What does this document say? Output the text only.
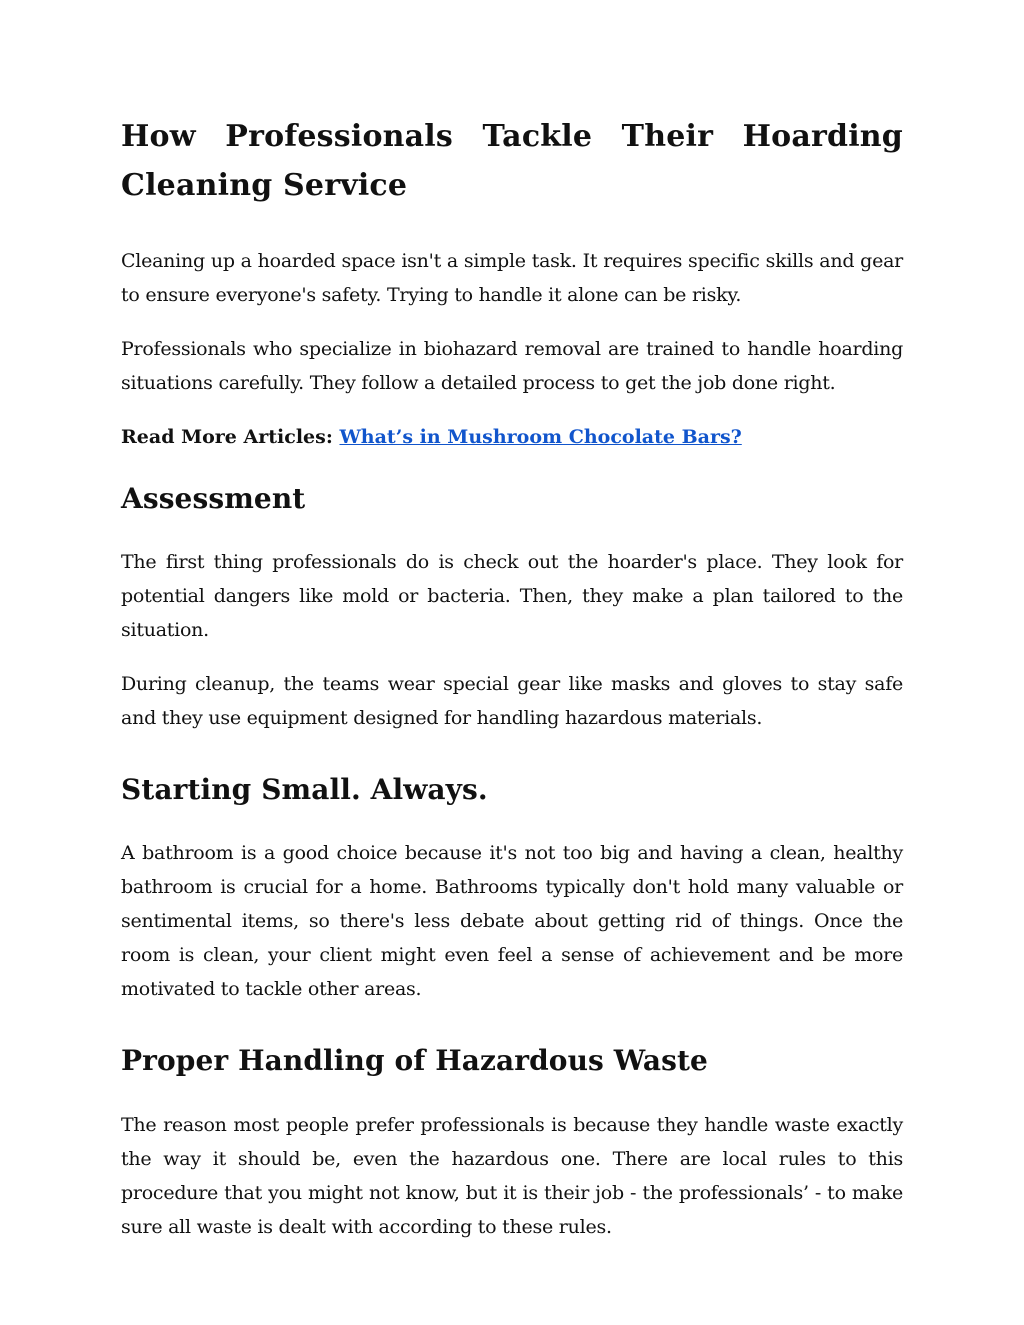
How Professionals Tackle Their Hoarding Cleaning Service

Cleaning up a hoarded space isn't a simple task. It requires specific skills and gear to ensure everyone's safety. Trying to handle it alone can be risky.

Professionals who specialize in biohazard removal are trained to handle hoarding situations carefully. They follow a detailed process to get the job done right.

Read More Articles: What’s in Mushroom Chocolate Bars?
Assessment

The first thing professionals do is check out the hoarder's place. They look for potential dangers like mold or bacteria. Then, they make a plan tailored to the situation.

During cleanup, the teams wear special gear like masks and gloves to stay safe and they use equipment designed for handling hazardous materials.

Starting Small. Always.

A bathroom is a good choice because it's not too big and having a clean, healthy bathroom is crucial for a home. Bathrooms typically don't hold many valuable or sentimental items, so there's less debate about getting rid of things. Once the room is clean, your client might even feel a sense of achievement and be more motivated to tackle other areas.

Proper Handling of Hazardous Waste

The reason most people prefer professionals is because they handle waste exactly the way it should be, even the hazardous one. There are local rules to this procedure that you might not know, but it is their job - the professionals’ - to make sure all waste is dealt with according to these rules.
